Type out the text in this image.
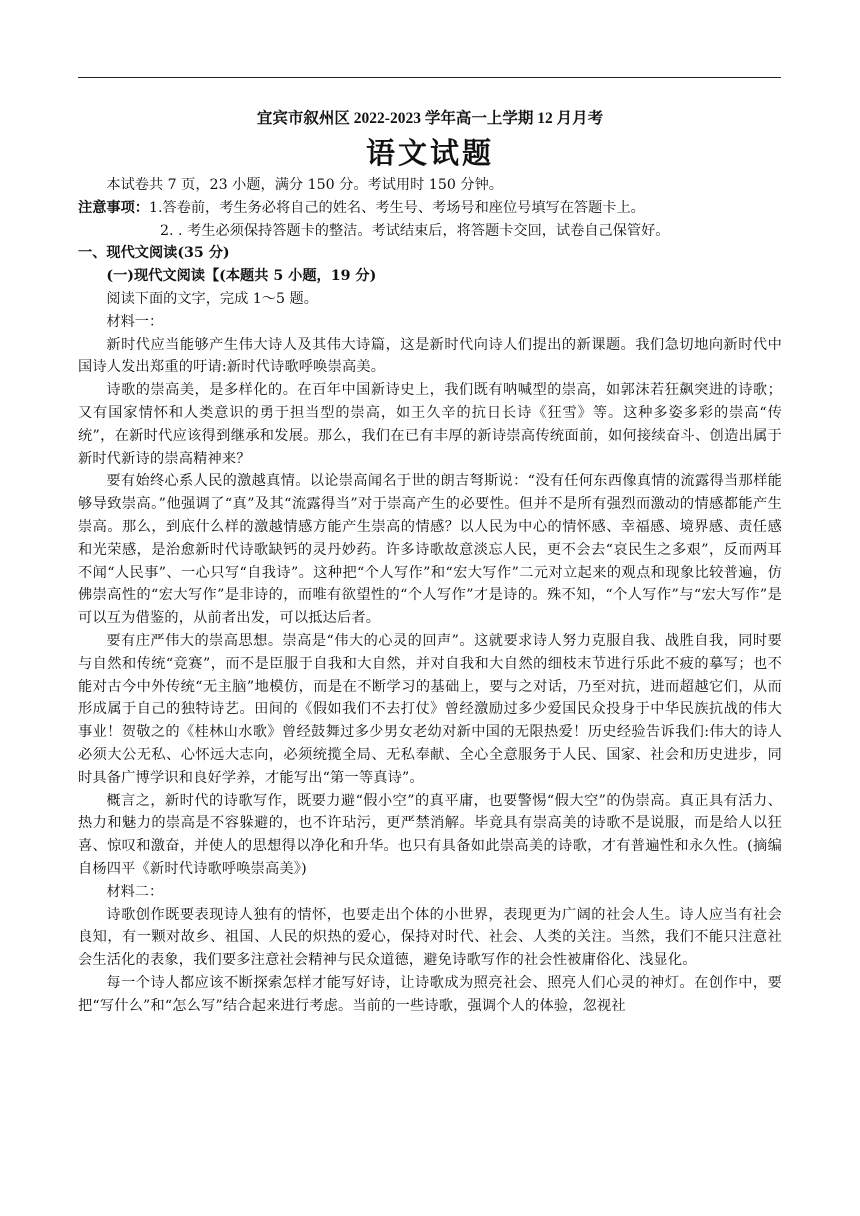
宜宾市叙州区 2022-2023 学年高一上学期 12 月月考

语文试题

本试卷共 7 页，23 小题，满分 150 分。考试用时 150 分钟。

注意事项：1.答卷前，考生务必将自己的姓名、考生号、考场号和座位号填写在答题卡上。

2. . 考生必须保持答题卡的整洁。考试结束后，将答题卡交回，试卷自己保管好。

一、现代文阅读(35 分)

(一)现代文阅读【(本题共 5 小题，19 分)

阅读下面的文字，完成 1～5 题。

材料一：

新时代应当能够产生伟大诗人及其伟大诗篇，这是新时代向诗人们提出的新课题。我们急切地向新时代中国诗人发出郑重的吁请:新时代诗歌呼唤崇高美。

诗歌的崇高美，是多样化的。在百年中国新诗史上，我们既有呐喊型的崇高，如郭沫若狂飙突进的诗歌；又有国家情怀和人类意识的勇于担当型的崇高，如王久辛的抗日长诗《狂雪》等。这种多姿多彩的崇高“传统”，在新时代应该得到继承和发展。那么，我们在已有丰厚的新诗崇高传统面前，如何接续奋斗、创造出属于新时代新诗的崇高精神来？

要有始终心系人民的激越真情。以论崇高闻名于世的朗吉弩斯说：“没有任何东西像真情的流露得当那样能够导致崇高。”他强调了“真”及其“流露得当”对于崇高产生的必要性。但并不是所有强烈而激动的情感都能产生崇高。那么，到底什么样的激越情感方能产生崇高的情感？以人民为中心的情怀感、幸福感、境界感、责任感和光荣感，是治愈新时代诗歌缺钙的灵丹妙药。许多诗歌故意淡忘人民，更不会去“哀民生之多艰”，反而两耳不闻“人民事”、一心只写“自我诗”。这种把“个人写作”和“宏大写作”二元对立起来的观点和现象比较普遍，仿佛崇高性的“宏大写作”是非诗的，而唯有欲望性的“个人写作”才是诗的。殊不知，“个人写作”与“宏大写作”是可以互为借鉴的，从前者出发，可以抵达后者。

要有庄严伟大的崇高思想。崇高是“伟大的心灵的回声”。这就要求诗人努力克服自我、战胜自我，同时要与自然和传统“竞赛”，而不是臣服于自我和大自然，并对自我和大自然的细枝末节进行乐此不疲的摹写；也不能对古今中外传统“无主脑”地模仿，而是在不断学习的基础上，要与之对话，乃至对抗，进而超越它们，从而形成属于自己的独特诗艺。田间的《假如我们不去打仗》曾经激励过多少爱国民众投身于中华民族抗战的伟大事业！贺敬之的《桂林山水歌》曾经鼓舞过多少男女老幼对新中国的无限热爱！历史经验告诉我们:伟大的诗人必须大公无私、心怀远大志向，必须统揽全局、无私奉献、全心全意服务于人民、国家、社会和历史进步，同时具备广博学识和良好学养，才能写出“第一等真诗”。

概言之，新时代的诗歌写作，既要力避“假小空”的真平庸，也要警惕“假大空”的伪崇高。真正具有活力、热力和魅力的崇高是不容躲避的，也不许玷污，更严禁消解。毕竟具有崇高美的诗歌不是说服，而是给人以狂喜、惊叹和激奋，并使人的思想得以净化和升华。也只有具备如此崇高美的诗歌，才有普遍性和永久性。(摘编自杨四平《新时代诗歌呼唤崇高美》)

材料二：

诗歌创作既要表现诗人独有的情怀，也要走出个体的小世界，表现更为广阔的社会人生。诗人应当有社会良知，有一颗对故乡、祖国、人民的炽热的爱心，保持对时代、社会、人类的关注。当然，我们不能只注意社会生活化的表象，我们要多注意社会精神与民众道德，避免诗歌写作的社会性被庸俗化、浅显化。

每一个诗人都应该不断探索怎样才能写好诗，让诗歌成为照亮社会、照亮人们心灵的神灯。在创作中，要把“写什么”和“怎么写”结合起来进行考虑。当前的一些诗歌，强调个人的体验，忽视社
